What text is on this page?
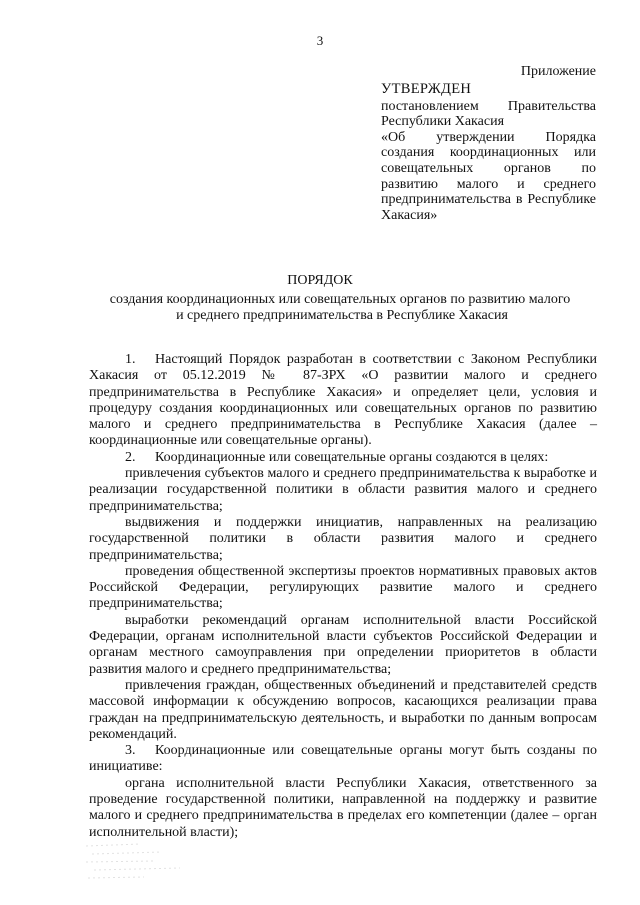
3
Приложение
УТВЕРЖДЕН
постановлением Правительства
Республики Хакасия
«Об утверждении Порядка
создания координационных или
совещательных органов по
развитию малого и среднего
предпринимательства в Республике
Хакасия»
ПОРЯДОК
создания координационных или совещательных органов по развитию малого
и среднего предпринимательства в Республике Хакасия
1. Настоящий Порядок разработан в соответствии с Законом Республики Хакасия от 05.12.2019 № 87-ЗРХ «О развитии малого и среднего предпринимательства в Республике Хакасия» и определяет цели, условия и процедуру создания координационных или совещательных органов по развитию малого и среднего предпринимательства в Республике Хакасия (далее – координационные или совещательные органы).
2. Координационные или совещательные органы создаются в целях:
привлечения субъектов малого и среднего предпринимательства к выработке и реализации государственной политики в области развития малого и среднего предпринимательства;
выдвижения и поддержки инициатив, направленных на реализацию государственной политики в области развития малого и среднего предпринимательства;
проведения общественной экспертизы проектов нормативных правовых актов Российской Федерации, регулирующих развитие малого и среднего предпринимательства;
выработки рекомендаций органам исполнительной власти Российской Федерации, органам исполнительной власти субъектов Российской Федерации и органам местного самоуправления при определении приоритетов в области развития малого и среднего предпринимательства;
привлечения граждан, общественных объединений и представителей средств массовой информации к обсуждению вопросов, касающихся реализации права граждан на предпринимательскую деятельность, и выработки по данным вопросам рекомендаций.
3. Координационные или совещательные органы могут быть созданы по инициативе:
органа исполнительной власти Республики Хакасия, ответственного за проведение государственной политики, направленной на поддержку и развитие малого и среднего предпринимательства в пределах его компетенции (далее – орган исполнительной власти);
